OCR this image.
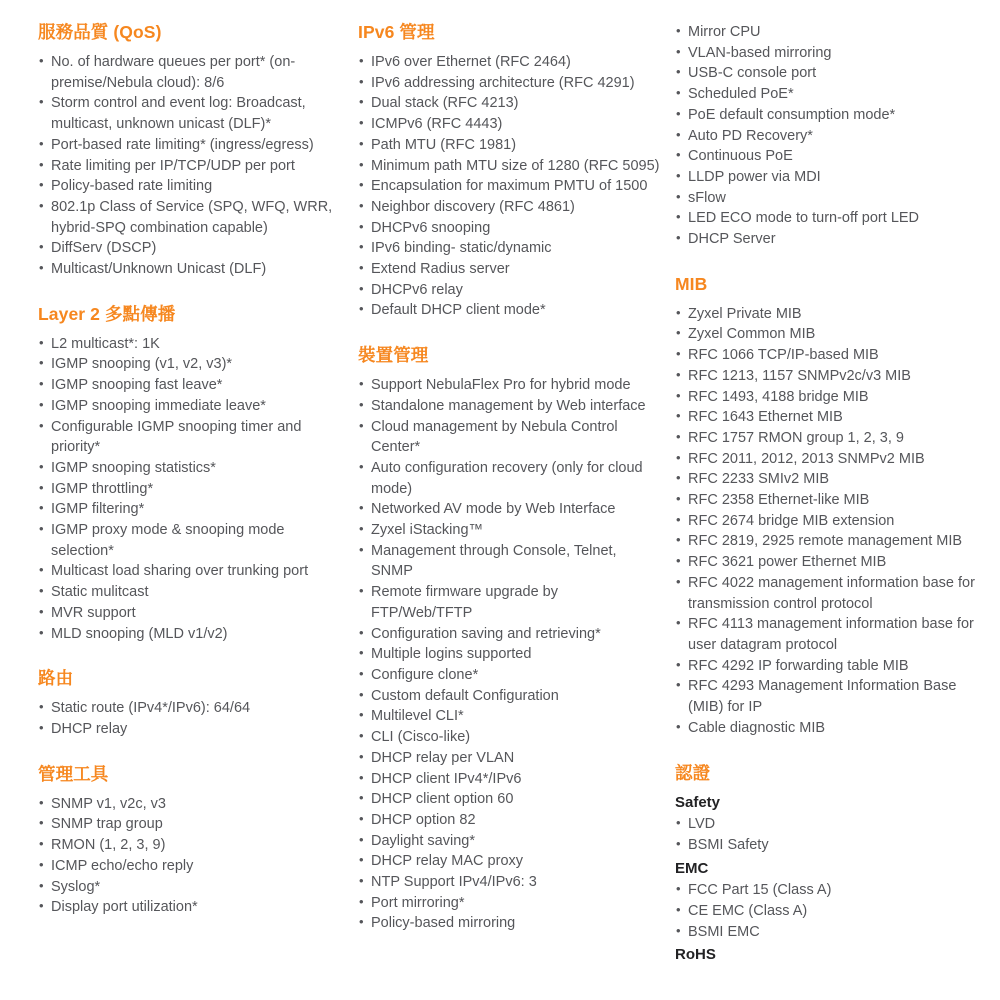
服務品質 (QoS)
• No. of hardware queues per port* (on-premise/Nebula cloud): 8/6
• Storm control and event log: Broadcast, multicast, unknown unicast (DLF)*
• Port-based rate limiting* (ingress/egress)
• Rate limiting per IP/TCP/UDP per port
• Policy-based rate limiting
• 802.1p Class of Service (SPQ, WFQ, WRR, hybrid-SPQ combination capable)
• DiffServ (DSCP)
• Multicast/Unknown Unicast (DLF)
Layer 2 多點傳播
• L2 multicast*: 1K
• IGMP snooping (v1, v2, v3)*
• IGMP snooping fast leave*
• IGMP snooping immediate leave*
• Configurable IGMP snooping timer and priority*
• IGMP snooping statistics*
• IGMP throttling*
• IGMP filtering*
• IGMP proxy mode & snooping mode selection*
• Multicast load sharing over trunking port
• Static mulitcast
• MVR support
• MLD snooping (MLD v1/v2)
路由
• Static route (IPv4*/IPv6): 64/64
• DHCP relay
管理工具
• SNMP v1, v2c, v3
• SNMP trap group
• RMON (1, 2, 3, 9)
• ICMP echo/echo reply
• Syslog*
• Display port utilization*
IPv6 管理
• IPv6 over Ethernet (RFC 2464)
• IPv6 addressing architecture (RFC 4291)
• Dual stack (RFC 4213)
• ICMPv6 (RFC 4443)
• Path MTU (RFC 1981)
• Minimum path MTU size of 1280 (RFC 5095)
• Encapsulation for maximum PMTU of 1500
• Neighbor discovery (RFC 4861)
• DHCPv6 snooping
• IPv6 binding- static/dynamic
• Extend Radius server
• DHCPv6 relay
• Default DHCP client mode*
裝置管理
• Support NebulaFlex Pro for hybrid mode
• Standalone management by Web interface
• Cloud management by Nebula Control Center*
• Auto configuration recovery (only for cloud mode)
• Networked AV mode by Web Interface
• Zyxel iStacking™
• Management through Console, Telnet, SNMP
• Remote firmware upgrade by FTP/Web/TFTP
• Configuration saving and retrieving*
• Multiple logins supported
• Configure clone*
• Custom default Configuration
• Multilevel CLI*
• CLI (Cisco-like)
• DHCP relay per VLAN
• DHCP client IPv4*/IPv6
• DHCP client option 60
• DHCP option 82
• Daylight saving*
• DHCP relay MAC proxy
• NTP Support IPv4/IPv6: 3
• Port mirroring*
• Policy-based mirroring
• Mirror CPU
• VLAN-based mirroring
• USB-C console port
• Scheduled PoE*
• PoE default consumption mode*
• Auto PD Recovery*
• Continuous PoE
• LLDP power via MDI
• sFlow
• LED ECO mode to turn-off port LED
• DHCP Server
MIB
• Zyxel Private MIB
• Zyxel Common MIB
• RFC 1066 TCP/IP-based MIB
• RFC 1213, 1157 SNMPv2c/v3 MIB
• RFC 1493, 4188 bridge MIB
• RFC 1643 Ethernet MIB
• RFC 1757 RMON group 1, 2, 3, 9
• RFC 2011, 2012, 2013 SNMPv2 MIB
• RFC 2233 SMIv2 MIB
• RFC 2358 Ethernet-like MIB
• RFC 2674 bridge MIB extension
• RFC 2819, 2925 remote management MIB
• RFC 3621 power Ethernet MIB
• RFC 4022 management information base for transmission control protocol
• RFC 4113 management information base for user datagram protocol
• RFC 4292 IP forwarding table MIB
• RFC 4293 Management Information Base (MIB) for IP
• Cable diagnostic MIB
認證
Safety
• LVD
• BSMI Safety
EMC
• FCC Part 15 (Class A)
• CE EMC (Class A)
• BSMI EMC
RoHS
